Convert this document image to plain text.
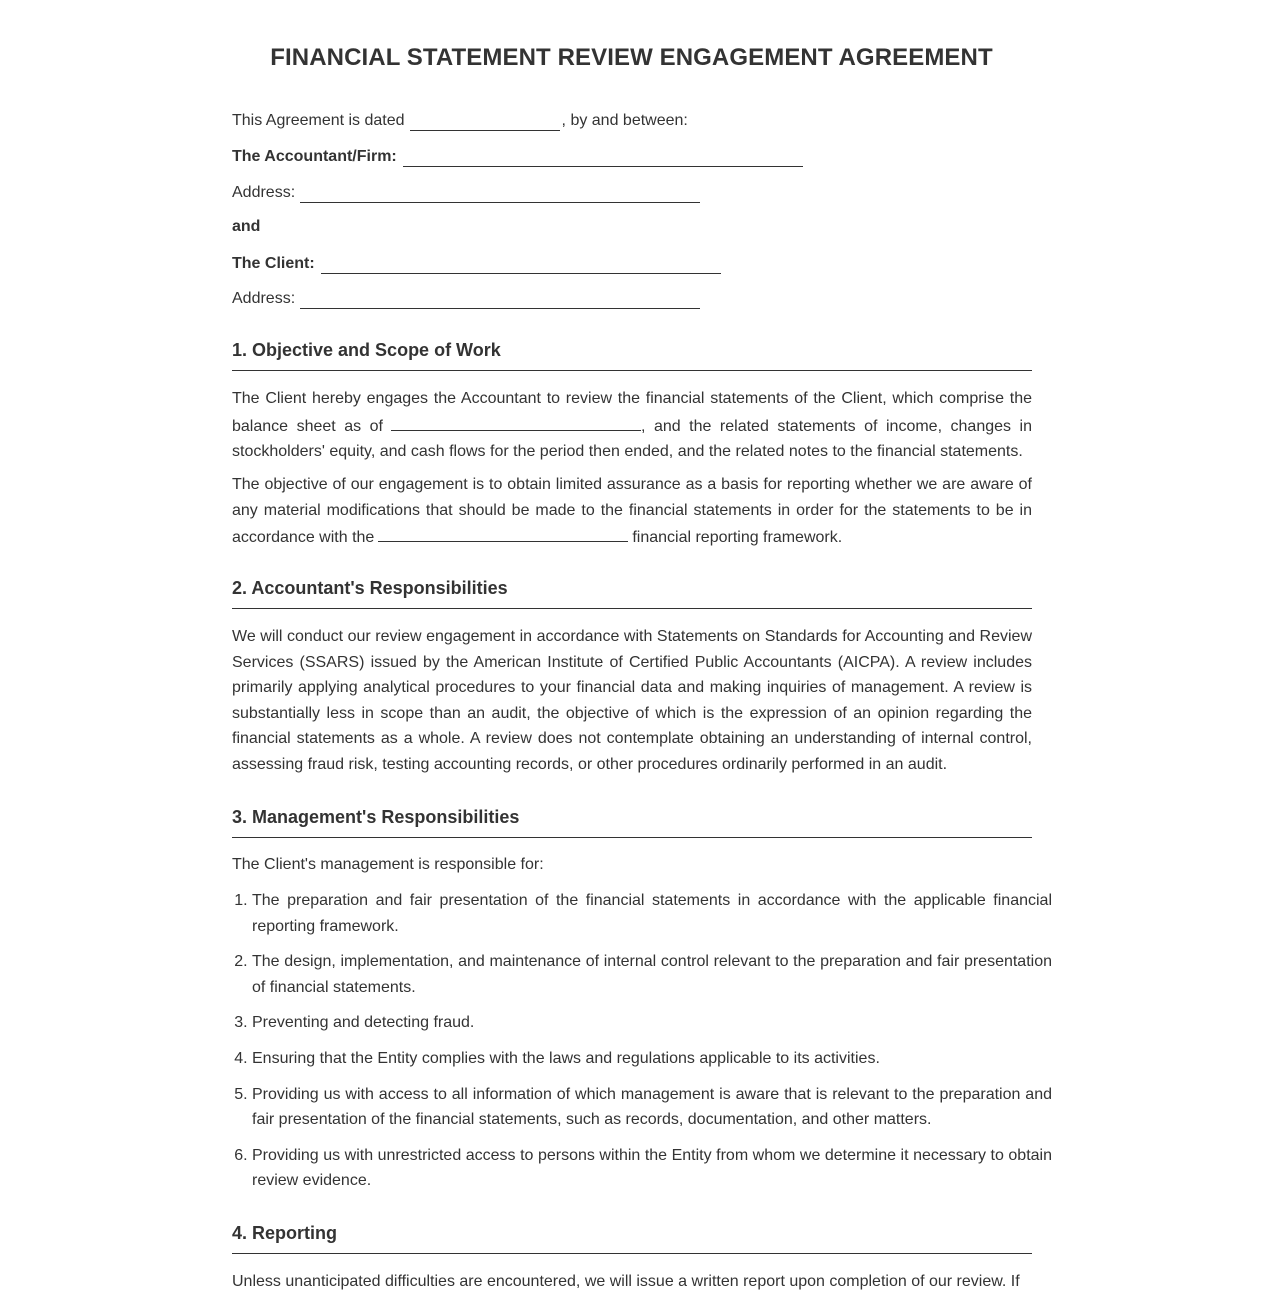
FINANCIAL STATEMENT REVIEW ENGAGEMENT AGREEMENT
This Agreement is dated	, by and between:
The Accountant/Firm:
Address:
and
The Client:
Address:
1. Objective and Scope of Work
The Client hereby engages the Accountant to review the financial statements of the Client, which comprise the balance sheet as of	, and the related statements of income, changes in stockholders' equity, and cash flows for the period then ended, and the related notes to the financial statements.
The objective of our engagement is to obtain limited assurance as a basis for reporting whether we are aware of any material modifications that should be made to the financial statements in order for the statements to be in accordance with the	financial reporting framework.
2. Accountant's Responsibilities
We will conduct our review engagement in accordance with Statements on Standards for Accounting and Review Services (SSARS) issued by the American Institute of Certified Public Accountants (AICPA). A review includes primarily applying analytical procedures to your financial data and making inquiries of management. A review is substantially less in scope than an audit, the objective of which is the expression of an opinion regarding the financial statements as a whole. A review does not contemplate obtaining an understanding of internal control, assessing fraud risk, testing accounting records, or other procedures ordinarily performed in an audit.
3. Management's Responsibilities
The Client's management is responsible for:
1. The preparation and fair presentation of the financial statements in accordance with the applicable financial reporting framework.
2. The design, implementation, and maintenance of internal control relevant to the preparation and fair presentation of financial statements.
3. Preventing and detecting fraud.
4. Ensuring that the Entity complies with the laws and regulations applicable to its activities.
5. Providing us with access to all information of which management is aware that is relevant to the preparation and fair presentation of the financial statements, such as records, documentation, and other matters.
6. Providing us with unrestricted access to persons within the Entity from whom we determine it necessary to obtain review evidence.
4. Reporting
Unless unanticipated difficulties are encountered, we will issue a written report upon completion of our review. If
